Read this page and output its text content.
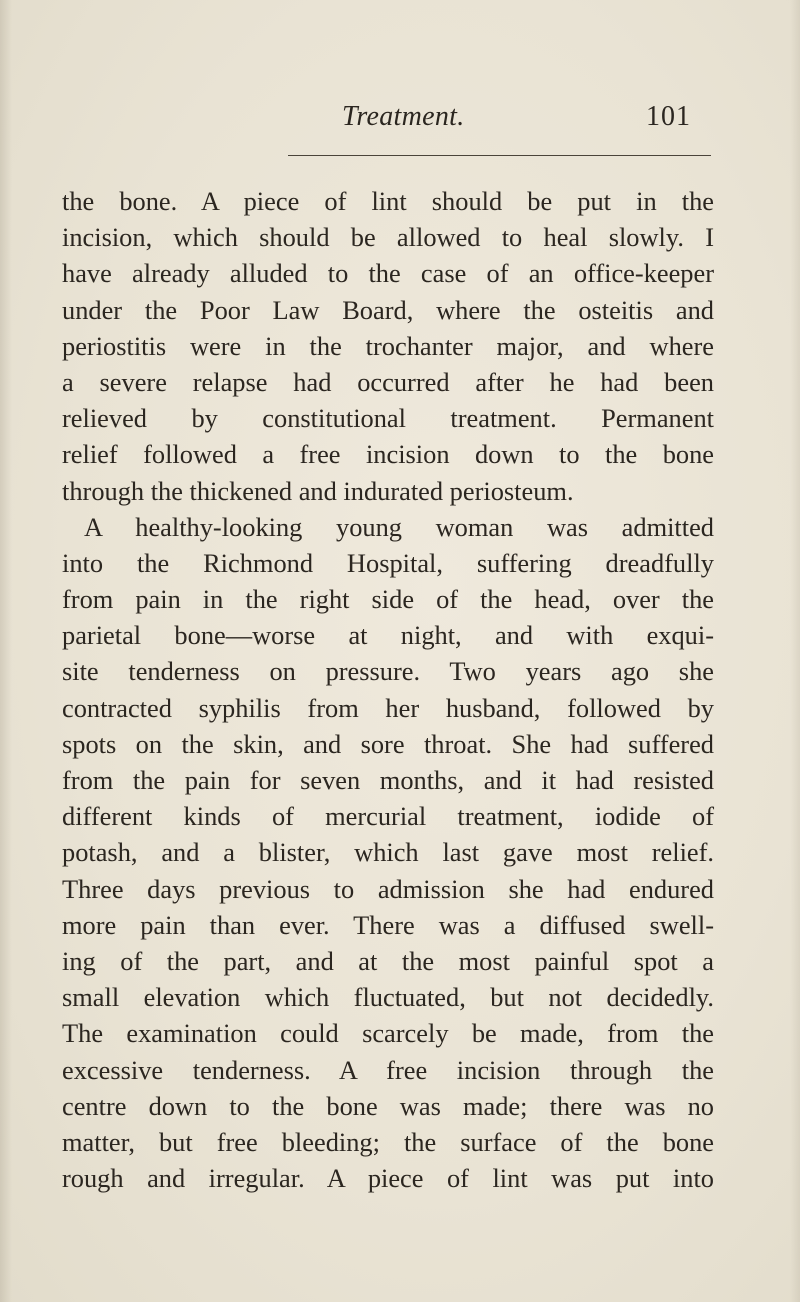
Treatment.	101
the bone. A piece of lint should be put in the
incision, which should be allowed to heal slowly. I
have already alluded to the case of an office-keeper
under the Poor Law Board, where the osteitis and
periostitis were in the trochanter major, and where
a severe relapse had occurred after he had been
relieved by constitutional treatment. Permanent
relief followed a free incision down to the bone
through the thickened and indurated periosteum.
A healthy-looking young woman was admitted
into the Richmond Hospital, suffering dreadfully
from pain in the right side of the head, over the
parietal bone—worse at night, and with exqui-
site tenderness on pressure. Two years ago she
contracted syphilis from her husband, followed by
spots on the skin, and sore throat. She had suffered
from the pain for seven months, and it had resisted
different kinds of mercurial treatment, iodide of
potash, and a blister, which last gave most relief.
Three days previous to admission she had endured
more pain than ever. There was a diffused swell-
ing of the part, and at the most painful spot a
small elevation which fluctuated, but not decidedly.
The examination could scarcely be made, from the
excessive tenderness. A free incision through the
centre down to the bone was made; there was no
matter, but free bleeding; the surface of the bone
rough and irregular. A piece of lint was put into
